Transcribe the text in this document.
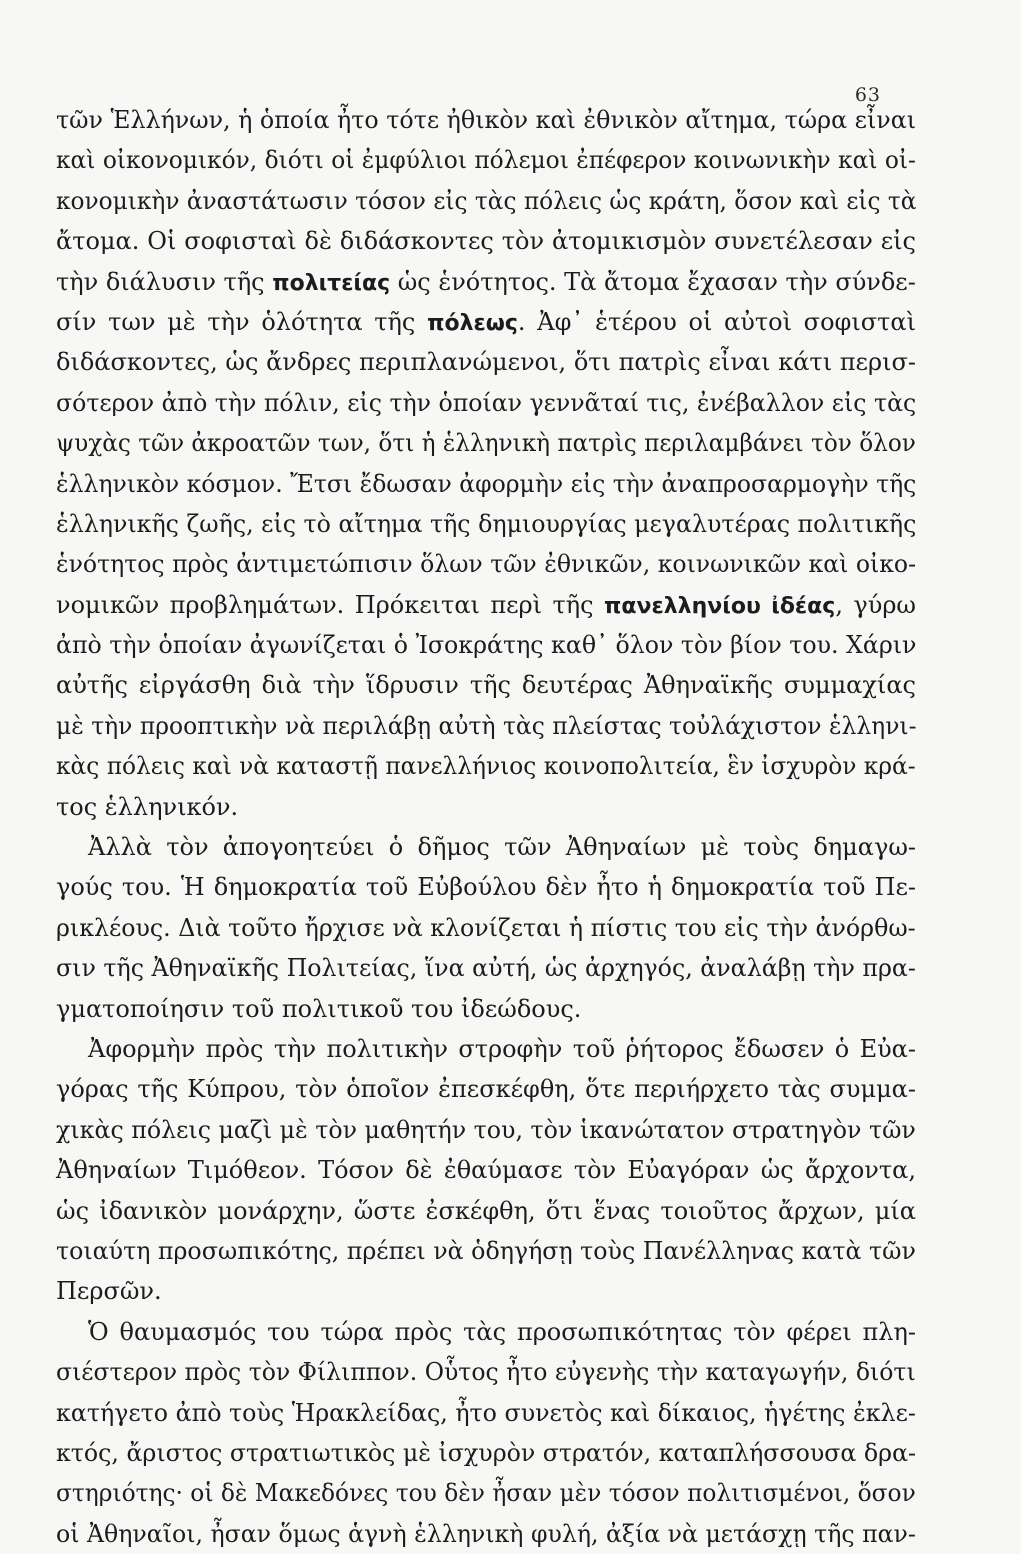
63
τῶν Ἑλλήνων, ἡ ὁποία ἦτο τότε ἠθικὸν καὶ ἐθνικὸν αἴτημα, τώρα εἶναι
καὶ οἰκονομικόν, διότι οἱ ἐμφύλιοι πόλεμοι ἐπέφερον κοινωνικὴν καὶ οἰ-
κονομικὴν ἀναστάτωσιν τόσον εἰς τὰς πόλεις ὡς κράτη, ὅσον καὶ εἰς τὰ
ἄτομα. Οἱ σοφισταὶ δὲ διδάσκοντες τὸν ἀτομικισμὸν συνετέλεσαν εἰς
τὴν διάλυσιν τῆς πολιτείας ὡς ἑνότητος. Τὰ ἄτομα ἔχασαν τὴν σύνδε-
σίν των μὲ τὴν ὁλότητα τῆς πόλεως. Ἀφ᾽ ἑτέρου οἱ αὐτοὶ σοφισταὶ
διδάσκοντες, ὡς ἄνδρες περιπλανώμενοι, ὅτι πατρὶς εἶναι κάτι περισ-
σότερον ἀπὸ τὴν πόλιν, εἰς τὴν ὁποίαν γεννᾶταί τις, ἐνέβαλλον εἰς τὰς
ψυχὰς τῶν ἀκροατῶν των, ὅτι ἡ ἑλληνικὴ πατρὶς περιλαμβάνει τὸν ὅλον
ἑλληνικὸν κόσμον. Ἔτσι ἔδωσαν ἀφορμὴν εἰς τὴν ἀναπροσαρμογὴν τῆς
ἑλληνικῆς ζωῆς, εἰς τὸ αἴτημα τῆς δημιουργίας μεγαλυτέρας πολιτικῆς
ἑνότητος πρὸς ἀντιμετώπισιν ὅλων τῶν ἐθνικῶν, κοινωνικῶν καὶ οἰκο-
νομικῶν προβλημάτων. Πρόκειται περὶ τῆς πανελληνίου ἰδέας, γύρω
ἀπὸ τὴν ὁποίαν ἀγωνίζεται ὁ Ἰσοκράτης καθ᾽ ὅλον τὸν βίον του. Χάριν
αὐτῆς εἰργάσθη διὰ τὴν ἵδρυσιν τῆς δευτέρας Ἀθηναϊκῆς συμμαχίας
μὲ τὴν προοπτικὴν νὰ περιλάβῃ αὐτὴ τὰς πλείστας τοὐλάχιστον ἑλληνι-
κὰς πόλεις καὶ νὰ καταστῇ πανελλήνιος κοινοπολιτεία, ἓν ἰσχυρὸν κρά-
τος ἑλληνικόν.
Ἀλλὰ τὸν ἀπογοητεύει ὁ δῆμος τῶν Ἀθηναίων μὲ τοὺς δημαγω-
γούς του. Ἡ δημοκρατία τοῦ Εὐβούλου δὲν ἦτο ἡ δημοκρατία τοῦ Πε-
ρικλέους. Διὰ τοῦτο ἤρχισε νὰ κλονίζεται ἡ πίστις του εἰς τὴν ἀνόρθω-
σιν τῆς Ἀθηναϊκῆς Πολιτείας, ἵνα αὐτή, ὡς ἀρχηγός, ἀναλάβῃ τὴν πρα-
γματοποίησιν τοῦ πολιτικοῦ του ἰδεώδους.
Ἀφορμὴν πρὸς τὴν πολιτικὴν στροφὴν τοῦ ῥήτορος ἔδωσεν ὁ Εὐα-
γόρας τῆς Κύπρου, τὸν ὁποῖον ἐπεσκέφθη, ὅτε περιήρχετο τὰς συμμα-
χικὰς πόλεις μαζὶ μὲ τὸν μαθητήν του, τὸν ἱκανώτατον στρατηγὸν τῶν
Ἀθηναίων Τιμόθεον. Τόσον δὲ ἐθαύμασε τὸν Εὐαγόραν ὡς ἄρχοντα,
ὡς ἰδανικὸν μονάρχην, ὥστε ἐσκέφθη, ὅτι ἕνας τοιοῦτος ἄρχων, μία
τοιαύτη προσωπικότης, πρέπει νὰ ὁδηγήσῃ τοὺς Πανέλληνας κατὰ τῶν
Περσῶν.
Ὁ θαυμασμός του τώρα πρὸς τὰς προσωπικότητας τὸν φέρει πλη-
σιέστερον πρὸς τὸν Φίλιππον. Οὗτος ἦτο εὐγενὴς τὴν καταγωγήν, διότι
κατήγετο ἀπὸ τοὺς Ἡρακλείδας, ἦτο συνετὸς καὶ δίκαιος, ἡγέτης ἐκλε-
κτός, ἄριστος στρατιωτικὸς μὲ ἰσχυρὸν στρατόν, καταπλήσσουσα δρα-
στηριότης· οἱ δὲ Μακεδόνες του δὲν ἦσαν μὲν τόσον πολιτισμένοι, ὅσον
οἱ Ἀθηναῖοι, ἦσαν ὅμως ἁγνὴ ἑλληνικὴ φυλή, ἀξία νὰ μετάσχῃ τῆς παν-
